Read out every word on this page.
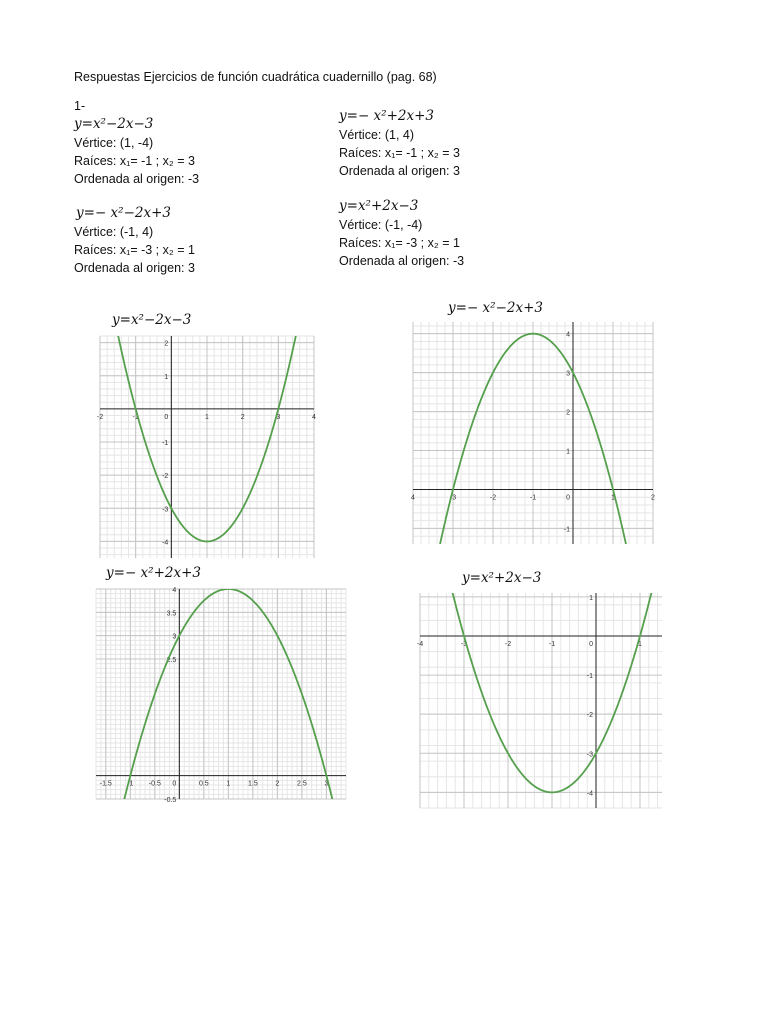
Respuestas Ejercicios de función cuadrática cuadernillo (pag. 68)
1-
y=x²−2x−3
Vértice: (1, -4)
Raíces: x₁= -1 ; x₂ = 3
Ordenada al origen: -3
y=− x²−2x+3
Vértice: (-1, 4)
Raíces: x₁= -3 ; x₂ = 1
Ordenada al origen: 3
y=− x²+2x+3
Vértice: (1, 4)
Raíces: x₁= -1 ; x₂ = 3
Ordenada al origen: 3
y=x²+2x−3
Vértice: (-1, -4)
Raíces: x₁= -3 ; x₂ = 1
Ordenada al origen: -3
y=x²−2x−3
y=− x²−2x+3
y=− x²+2x+3	y=x²+2x−3
-2	-1	0	1	2	3	4
-4
-3
-2
-1
1
2
4	-3	-2	-1	0	1	2
-1
1
2
3
4
-1.5 -1 -0.5 0	0.5	1	1.5	2	2.5	3
-0.5
2.5
3
3.5
4
-4	-3	-2	-1	0	1
-4
-3
-2
-1
1
